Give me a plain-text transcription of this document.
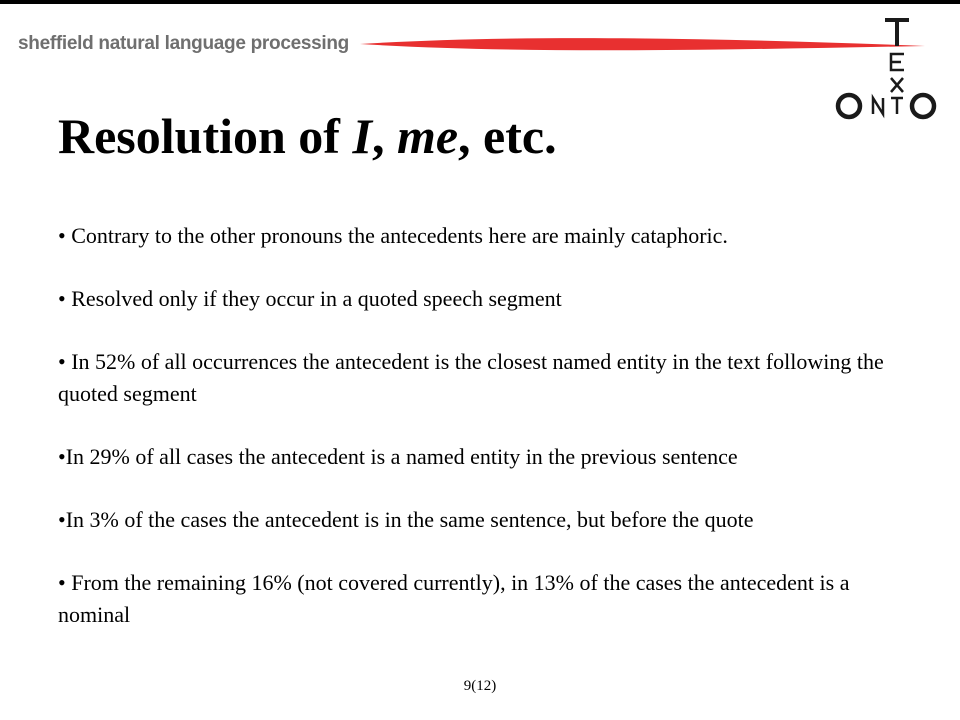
sheffield natural language processing
Resolution of I, me, etc.
• Contrary to the other pronouns the antecedents here are mainly cataphoric.
• Resolved only if they occur in a quoted speech segment
• In 52% of all occurrences the antecedent is the closest named entity in the text following the quoted segment
•In 29% of all cases the antecedent is a named entity in the previous sentence
•In 3% of the cases the antecedent is in the same sentence, but before the quote
• From the remaining 16% (not covered currently), in 13% of the cases the antecedent is a nominal
9(12)
